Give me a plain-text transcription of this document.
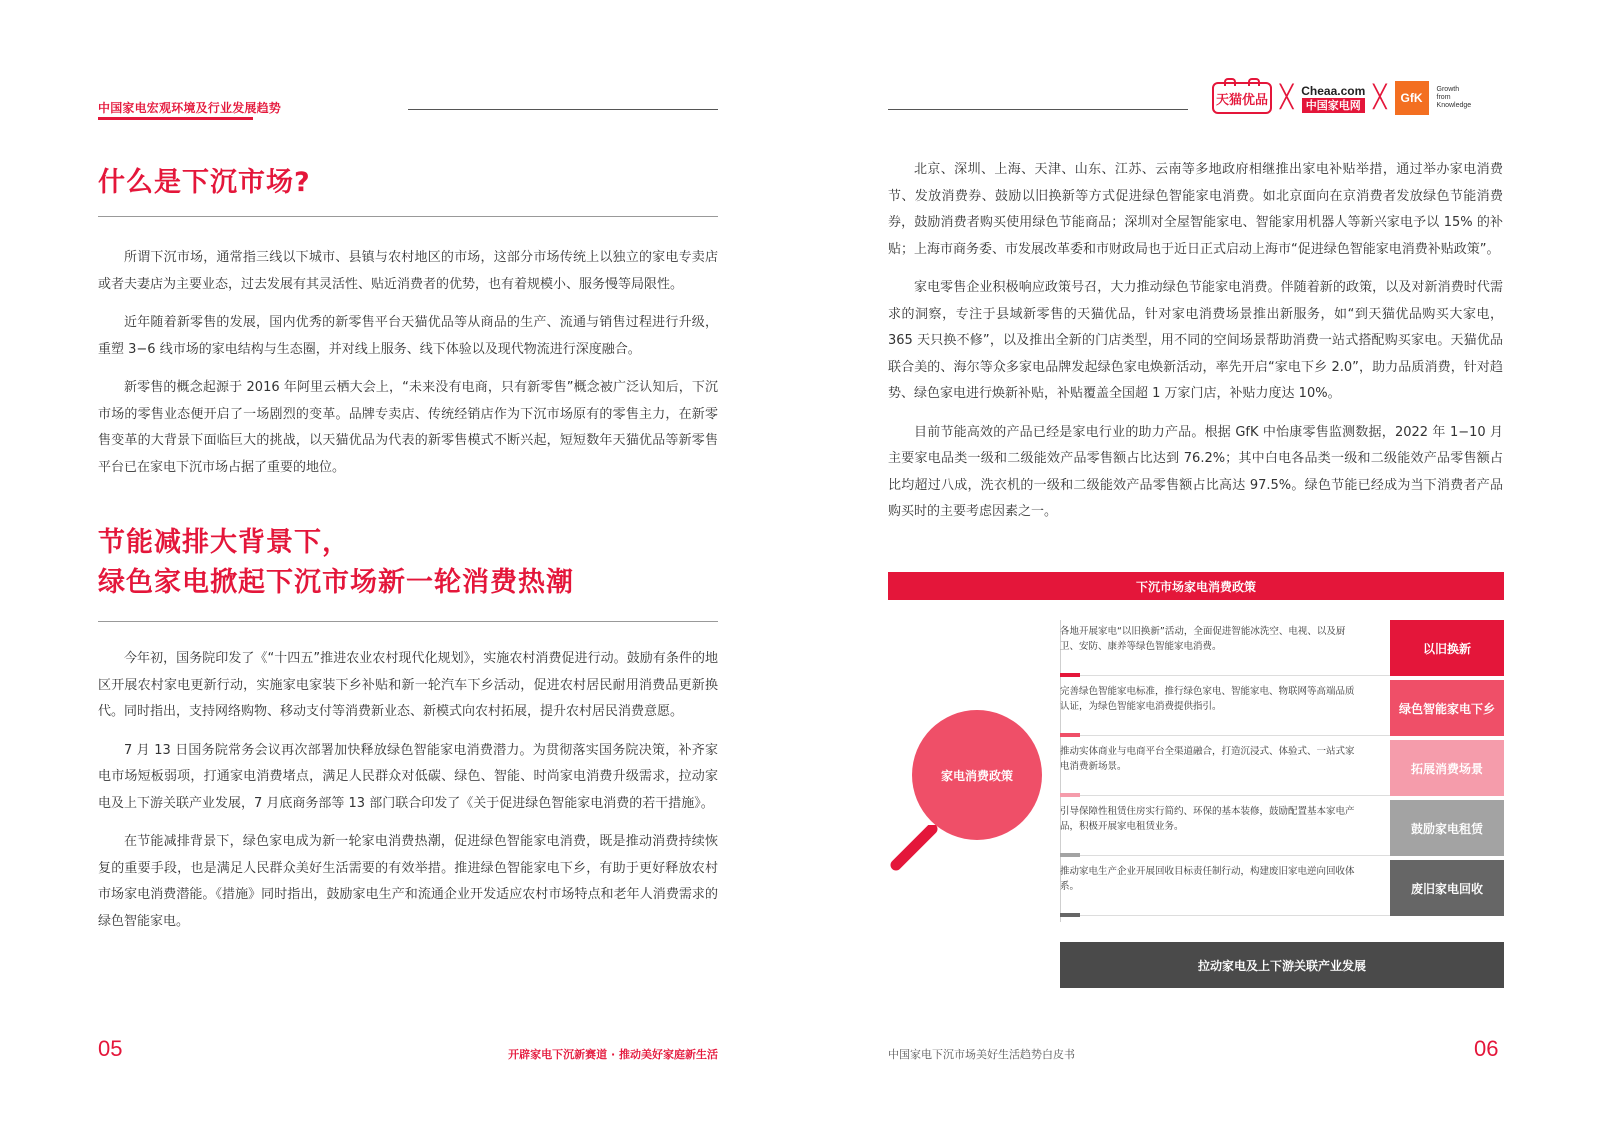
中国家电宏观环境及行业发展趋势
天猫优品 ╳ Cheaa.com
中国家电网 ╳	GfK
Growth
from
Knowledge
什么是下沉市场?

所谓下沉市场，通常指三线以下城市、县镇与农村地区的市场，这部分市场传统上以独立的家电专卖店或者夫妻店为主要业态，过去发展有其灵活性、贴近消费者的优势，也有着规模小、服务慢等局限性。

近年随着新零售的发展，国内优秀的新零售平台天猫优品等从商品的生产、流通与销售过程进行升级，重塑 3−6 线市场的家电结构与生态圈，并对线上服务、线下体验以及现代物流进行深度融合。

新零售的概念起源于 2016 年阿里云栖大会上，“未来没有电商，只有新零售”概念被广泛认知后，下沉市场的零售业态便开启了一场剧烈的变革。品牌专卖店、传统经销店作为下沉市场原有的零售主力，在新零售变革的大背景下面临巨大的挑战，以天猫优品为代表的新零售模式不断兴起，短短数年天猫优品等新零售平台已在家电下沉市场占据了重要的地位。

节能减排大背景下，
绿色家电掀起下沉市场新一轮消费热潮

今年初，国务院印发了《“十四五”推进农业农村现代化规划》，实施农村消费促进行动。鼓励有条件的地区开展农村家电更新行动，实施家电家装下乡补贴和新一轮汽车下乡活动，促进农村居民耐用消费品更新换代。同时指出，支持网络购物、移动支付等消费新业态、新模式向农村拓展，提升农村居民消费意愿。

7 月 13 日国务院常务会议再次部署加快释放绿色智能家电消费潜力。为贯彻落实国务院决策，补齐家电市场短板弱项，打通家电消费堵点，满足人民群众对低碳、绿色、智能、时尚家电消费升级需求，拉动家电及上下游关联产业发展，7 月底商务部等 13 部门联合印发了《关于促进绿色智能家电消费的若干措施》。

在节能减排背景下，绿色家电成为新一轮家电消费热潮，促进绿色智能家电消费，既是推动消费持续恢复的重要手段，也是满足人民群众美好生活需要的有效举措。推进绿色智能家电下乡，有助于更好释放农村市场家电消费潜能。《措施》同时指出，鼓励家电生产和流通企业开发适应农村市场特点和老年人消费需求的绿色智能家电。

05	开辟家电下沉新赛道 · 推动美好家庭新生活

北京、深圳、上海、天津、山东、江苏、云南等多地政府相继推出家电补贴举措，通过举办家电消费节、发放消费券、鼓励以旧换新等方式促进绿色智能家电消费。如北京面向在京消费者发放绿色节能消费券，鼓励消费者购买使用绿色节能商品；深圳对全屋智能家电、智能家用机器人等新兴家电予以 15% 的补贴；上海市商务委、市发展改革委和市财政局也于近日正式启动上海市“促进绿色智能家电消费补贴政策”。

家电零售企业积极响应政策号召，大力推动绿色节能家电消费。伴随着新的政策，以及对新消费时代需求的洞察，专注于县域新零售的天猫优品，针对家电消费场景推出新服务，如“到天猫优品购买大家电，365 天只换不修”，以及推出全新的门店类型，用不同的空间场景帮助消费一站式搭配购买家电。天猫优品联合美的、海尔等众多家电品牌发起绿色家电焕新活动，率先开启“家电下乡 2.0”，助力品质消费，针对趋势、绿色家电进行焕新补贴，补贴覆盖全国超 1 万家门店，补贴力度达 10%。

目前节能高效的产品已经是家电行业的助力产品。根据 GfK 中怡康零售监测数据，2022 年 1−10 月主要家电品类一级和二级能效产品零售额占比达到 76.2%；其中白电各品类一级和二级能效产品零售额占比均超过八成，洗衣机的一级和二级能效产品零售额占比高达 97.5%。绿色节能已经成为当下消费者产品购买时的主要考虑因素之一。

下沉市场家电消费政策
家电消费政策
各地开展家电“以旧换新”活动，全面促进智能冰洗空、电视、以及厨卫、安防、康养等绿色智能家电消费。	以旧换新
完善绿色智能家电标准，推行绿色家电、智能家电、物联网等高端品质认证，为绿色智能家电消费提供指引。	绿色智能家电下乡
推动实体商业与电商平台全渠道融合，打造沉浸式、体验式、一站式家电消费新场景。	拓展消费场景
引导保障性租赁住房实行简约、环保的基本装修，鼓励配置基本家电产品，积极开展家电租赁业务。	鼓励家电租赁
推动家电生产企业开展回收目标责任制行动，构建废旧家电逆向回收体系。	废旧家电回收
拉动家电及上下游关联产业发展
中国家电下沉市场美好生活趋势白皮书	06
